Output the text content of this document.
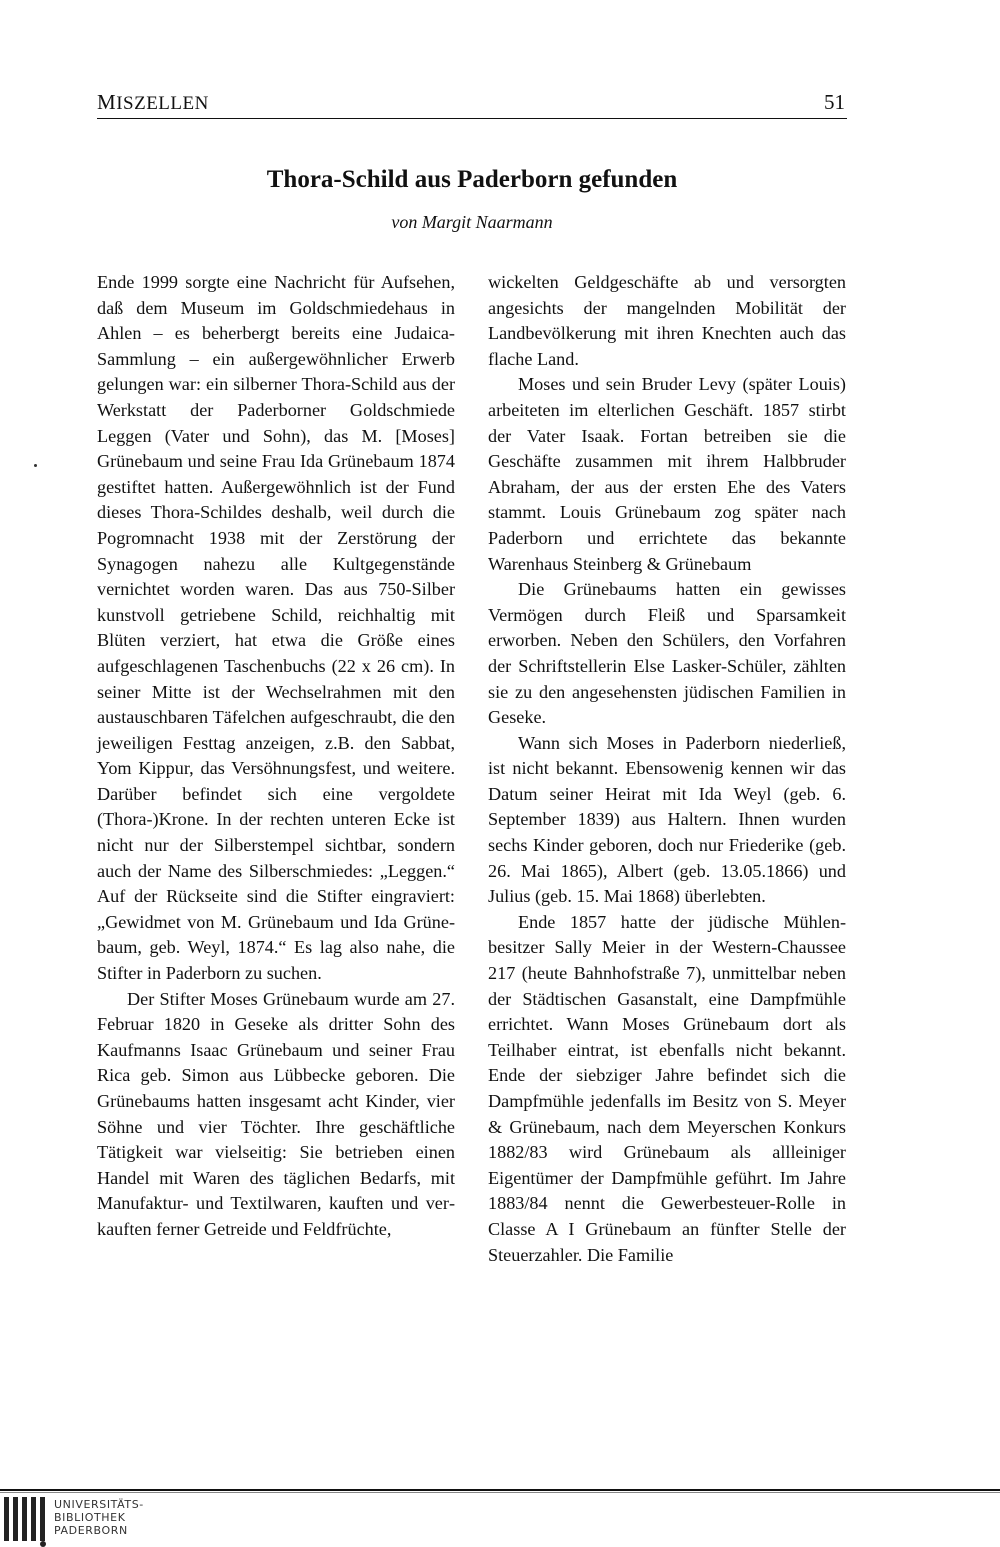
MISZELLEN	51
Thora-Schild aus Paderborn gefunden
von Margit Naarmann

Ende 1999 sorgte eine Nachricht für Aufsehen, daß dem Museum im Goldschmiedehaus in Ahlen – es beherbergt bereits eine Judaica-Sammlung – ein außergewöhnlicher Erwerb gelungen war: ein silberner Thora-Schild aus der Werkstatt der Paderborner Goldschmiede Leggen (Vater und Sohn), das M. [Moses] Grünebaum und seine Frau Ida Grünebaum 1874 gestiftet hatten. Außergewöhnlich ist der Fund dieses Thora-Schildes deshalb, weil durch die Pogromnacht 1938 mit der Zerstörung der Synagogen nahezu alle Kultgegenstände vernichtet worden waren. Das aus 750-Silber kunstvoll getriebene Schild, reichhaltig mit Blüten verziert, hat etwa die Größe eines aufgeschlagenen Taschenbuchs (22 x 26 cm). In seiner Mitte ist der Wechselrahmen mit den austauschbaren Täfelchen aufgeschraubt, die den jeweiligen Festtag anzeigen, z.B. den Sabbat, Yom Kippur, das Versöhnungsfest, und weitere. Darüber befindet sich eine vergoldete (Thora-)Krone. In der rechten unteren Ecke ist nicht nur der Silberstempel sichtbar, sondern auch der Name des Silberschmiedes: „Leggen.“ Auf der Rückseite sind die Stifter eingraviert: „Gewidmet von M. Grünebaum und Ida Grünebaum, geb. Weyl, 1874.“ Es lag also nahe, die Stifter in Paderborn zu suchen.

Der Stifter Moses Grünebaum wurde am 27. Februar 1820 in Geseke als dritter Sohn des Kaufmanns Isaac Grünebaum und seiner Frau Rica geb. Simon aus Lübbecke geboren. Die Grünebaums hatten insgesamt acht Kinder, vier Söhne und vier Töchter. Ihre geschäftliche Tätigkeit war vielseitig: Sie betrieben einen Handel mit Waren des täglichen Bedarfs, mit Manufaktur- und Textilwaren, kauften und verkauften ferner Getreide und Feldfrüchte,

wickelten Geldgeschäfte ab und versorgten angesichts der mangelnden Mobilität der Landbevölkerung mit ihren Knechten auch das flache Land.

Moses und sein Bruder Levy (später Louis) arbeiteten im elterlichen Geschäft. 1857 stirbt der Vater Isaak. Fortan betreiben sie die Geschäfte zusammen mit ihrem Halbbruder Abraham, der aus der ersten Ehe des Vaters stammt. Louis Grünebaum zog später nach Paderborn und errichtete das bekannte Warenhaus Steinberg & Grünebaum

Die Grünebaums hatten ein gewisses Vermögen durch Fleiß und Sparsamkeit erworben. Neben den Schülers, den Vorfahren der Schriftstellerin Else Lasker-Schüler, zählten sie zu den angesehensten jüdischen Familien in Geseke.

Wann sich Moses in Paderborn niederließ, ist nicht bekannt. Ebensowenig kennen wir das Datum seiner Heirat mit Ida Weyl (geb. 6. September 1839) aus Haltern. Ihnen wurden sechs Kinder geboren, doch nur Friederike (geb. 26. Mai 1865), Albert (geb. 13.05.1866) und Julius (geb. 15. Mai 1868) überlebten.

Ende 1857 hatte der jüdische Mühlenbesitzer Sally Meier in der Western-Chaussee 217 (heute Bahnhofstraße 7), unmittelbar neben der Städtischen Gasanstalt, eine Dampfmühle errichtet. Wann Moses Grünebaum dort als Teilhaber eintrat, ist ebenfalls nicht bekannt. Ende der siebziger Jahre befindet sich die Dampfmühle jedenfalls im Besitz von S. Meyer & Grünebaum, nach dem Meyerschen Konkurs 1882/83 wird Grünebaum als allleiniger Eigentümer der Dampfmühle geführt. Im Jahre 1883/84 nennt die Gewerbesteuer-Rolle in Classe A I Grünebaum an fünfter Stelle der Steuerzahler. Die Familie

UNIVERSITÄTS-
BIBLIOTHEK
PADERBORN
